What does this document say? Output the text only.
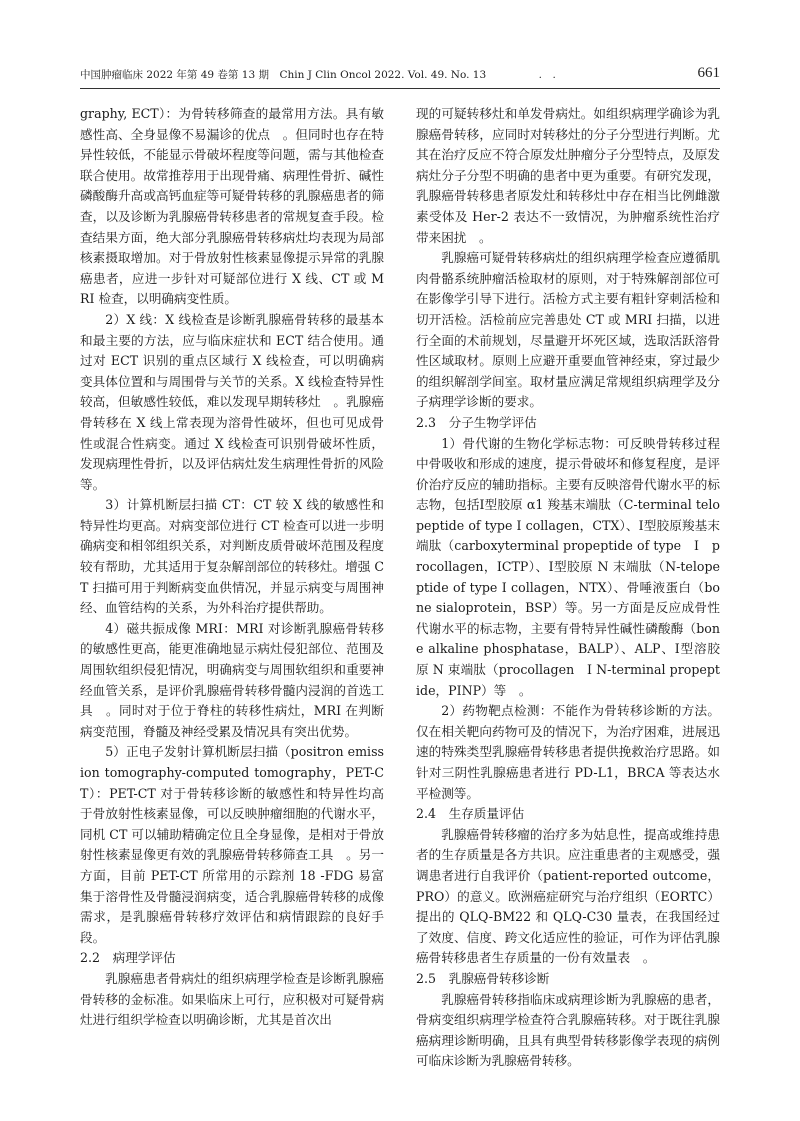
中国肿瘤临床 2022 年第 49 卷第 13 期　Chin J Clin Oncol 2022. Vol. 49. No. 13　　　　　.　.	661

graphy, ECT）：为骨转移筛查的最常用方法。具有敏感性高、全身显像不易漏诊的优点　。但同时也存在特异性较低，不能显示骨破坏程度等问题，需与其他检查联合使用。故常推荐用于出现骨痛、病理性骨折、碱性磷酸酶升高或高钙血症等可疑骨转移的乳腺癌患者的筛查，以及诊断为乳腺癌骨转移患者的常规复查手段。检查结果方面，绝大部分乳腺癌骨转移病灶均表现为局部核素摄取增加。对于骨放射性核素显像提示异常的乳腺癌患者，应进一步针对可疑部位进行 X 线、CT 或 MRI 检查，以明确病变性质。

2）X 线：X 线检查是诊断乳腺癌骨转移的最基本和最主要的方法，应与临床症状和 ECT 结合使用。通过对 ECT 识别的重点区域行 X 线检查，可以明确病变具体位置和与周围骨与关节的关系。X 线检查特异性较高，但敏感性较低，难以发现早期转移灶　。乳腺癌骨转移在 X 线上常表现为溶骨性破坏，但也可见成骨性或混合性病变。通过 X 线检查可识别骨破坏性质，发现病理性骨折，以及评估病灶发生病理性骨折的风险等。

3）计算机断层扫描 CT：CT 较 X 线的敏感性和特异性均更高。对病变部位进行 CT 检查可以进一步明确病变和相邻组织关系，对判断皮质骨破坏范围及程度较有帮助，尤其适用于复杂解剖部位的转移灶。增强 CT 扫描可用于判断病变血供情况，并显示病变与周围神经、血管结构的关系，为外科治疗提供帮助。

4）磁共振成像 MRI：MRI 对诊断乳腺癌骨转移的敏感性更高，能更准确地显示病灶侵犯部位、范围及周围软组织侵犯情况，明确病变与周围软组织和重要神经血管关系，是评价乳腺癌骨转移骨髓内浸润的首选工具　。同时对于位于脊柱的转移性病灶，MRI 在判断病变范围，脊髓及神经受累及情况具有突出优势。

5）正电子发射计算机断层扫描（positron emission tomography-computed tomography，PET-CT）：PET-CT 对于骨转移诊断的敏感性和特异性均高于骨放射性核素显像，可以反映肿瘤细胞的代谢水平，同机 CT 可以辅助精确定位且全身显像，是相对于骨放射性核素显像更有效的乳腺癌骨转移筛查工具　。另一方面，目前 PET-CT 所常用的示踪剂 18 -FDG 易富集于溶骨性及骨髓浸润病变，适合乳腺癌骨转移的成像需求，是乳腺癌骨转移疗效评估和病情跟踪的良好手段。

2.2　病理学评估

乳腺癌患者骨病灶的组织病理学检查是诊断乳腺癌骨转移的金标准。如果临床上可行，应积极对可疑骨病灶进行组织学检查以明确诊断，尤其是首次出

现的可疑转移灶和单发骨病灶。如组织病理学确诊为乳腺癌骨转移，应同时对转移灶的分子分型进行判断。尤其在治疗反应不符合原发灶肿瘤分子分型特点，及原发病灶分子分型不明确的患者中更为重要。有研究发现，乳腺癌骨转移患者原发灶和转移灶中存在相当比例雌激素受体及 Her-2 表达不一致情况，为肿瘤系统性治疗带来困扰　。

乳腺癌可疑骨转移病灶的组织病理学检查应遵循肌肉骨骼系统肿瘤活检取材的原则，对于特殊解剖部位可在影像学引导下进行。活检方式主要有粗针穿刺活检和切开活检。活检前应完善患处 CT 或 MRI 扫描，以进行全面的术前规划，尽量避开坏死区域，选取活跃溶骨性区域取材。原则上应避开重要血管神经束，穿过最少的组织解剖学间室。取材量应满足常规组织病理学及分子病理学诊断的要求。

2.3　分子生物学评估

1）骨代谢的生物化学标志物：可反映骨转移过程中骨吸收和形成的速度，提示骨破坏和修复程度，是评价治疗反应的辅助指标。主要有反映溶骨代谢水平的标志物，包括Ⅰ型胶原 α1 羧基末端肽（C-terminal telopeptide of type I collagen，CTX）、Ⅰ型胶原羧基末端肽（carboxyterminal propeptide of type　Ⅰ　procollagen，ICTP）、Ⅰ型胶原 N 末端肽（N-telopeptide of type I collagen，NTX）、骨唾液蛋白（bone sialoprotein，BSP）等。另一方面是反应成骨性代谢水平的标志物，主要有骨特异性碱性磷酸酶（bone alkaline phosphatase，BALP）、ALP、Ⅰ型溶胶原 N 束端肽（procollagen　Ⅰ N-terminal propeptide，PINP）等　。

2）药物靶点检测：不能作为骨转移诊断的方法。仅在相关靶向药物可及的情况下，为治疗困难，进展迅速的特殊类型乳腺癌骨转移患者提供挽救治疗思路。如针对三阴性乳腺癌患者进行 PD-L1，BRCA 等表达水平检测等。

2.4　生存质量评估

乳腺癌骨转移瘤的治疗多为姑息性，提高或维持患者的生存质量是各方共识。应注重患者的主观感受，强调患者进行自我评价（patient-reported outcome，PRO）的意义。欧洲癌症研究与治疗组织（EORTC）提出的 QLQ-BM22 和 QLQ-C30 量表，在我国经过了效度、信度、跨文化适应性的验证，可作为评估乳腺癌骨转移患者生存质量的一份有效量表　。

2.5　乳腺癌骨转移诊断

乳腺癌骨转移指临床或病理诊断为乳腺癌的患者，骨病变组织病理学检查符合乳腺癌转移。对于既往乳腺癌病理诊断明确，且具有典型骨转移影像学表现的病例可临床诊断为乳腺癌骨转移。
